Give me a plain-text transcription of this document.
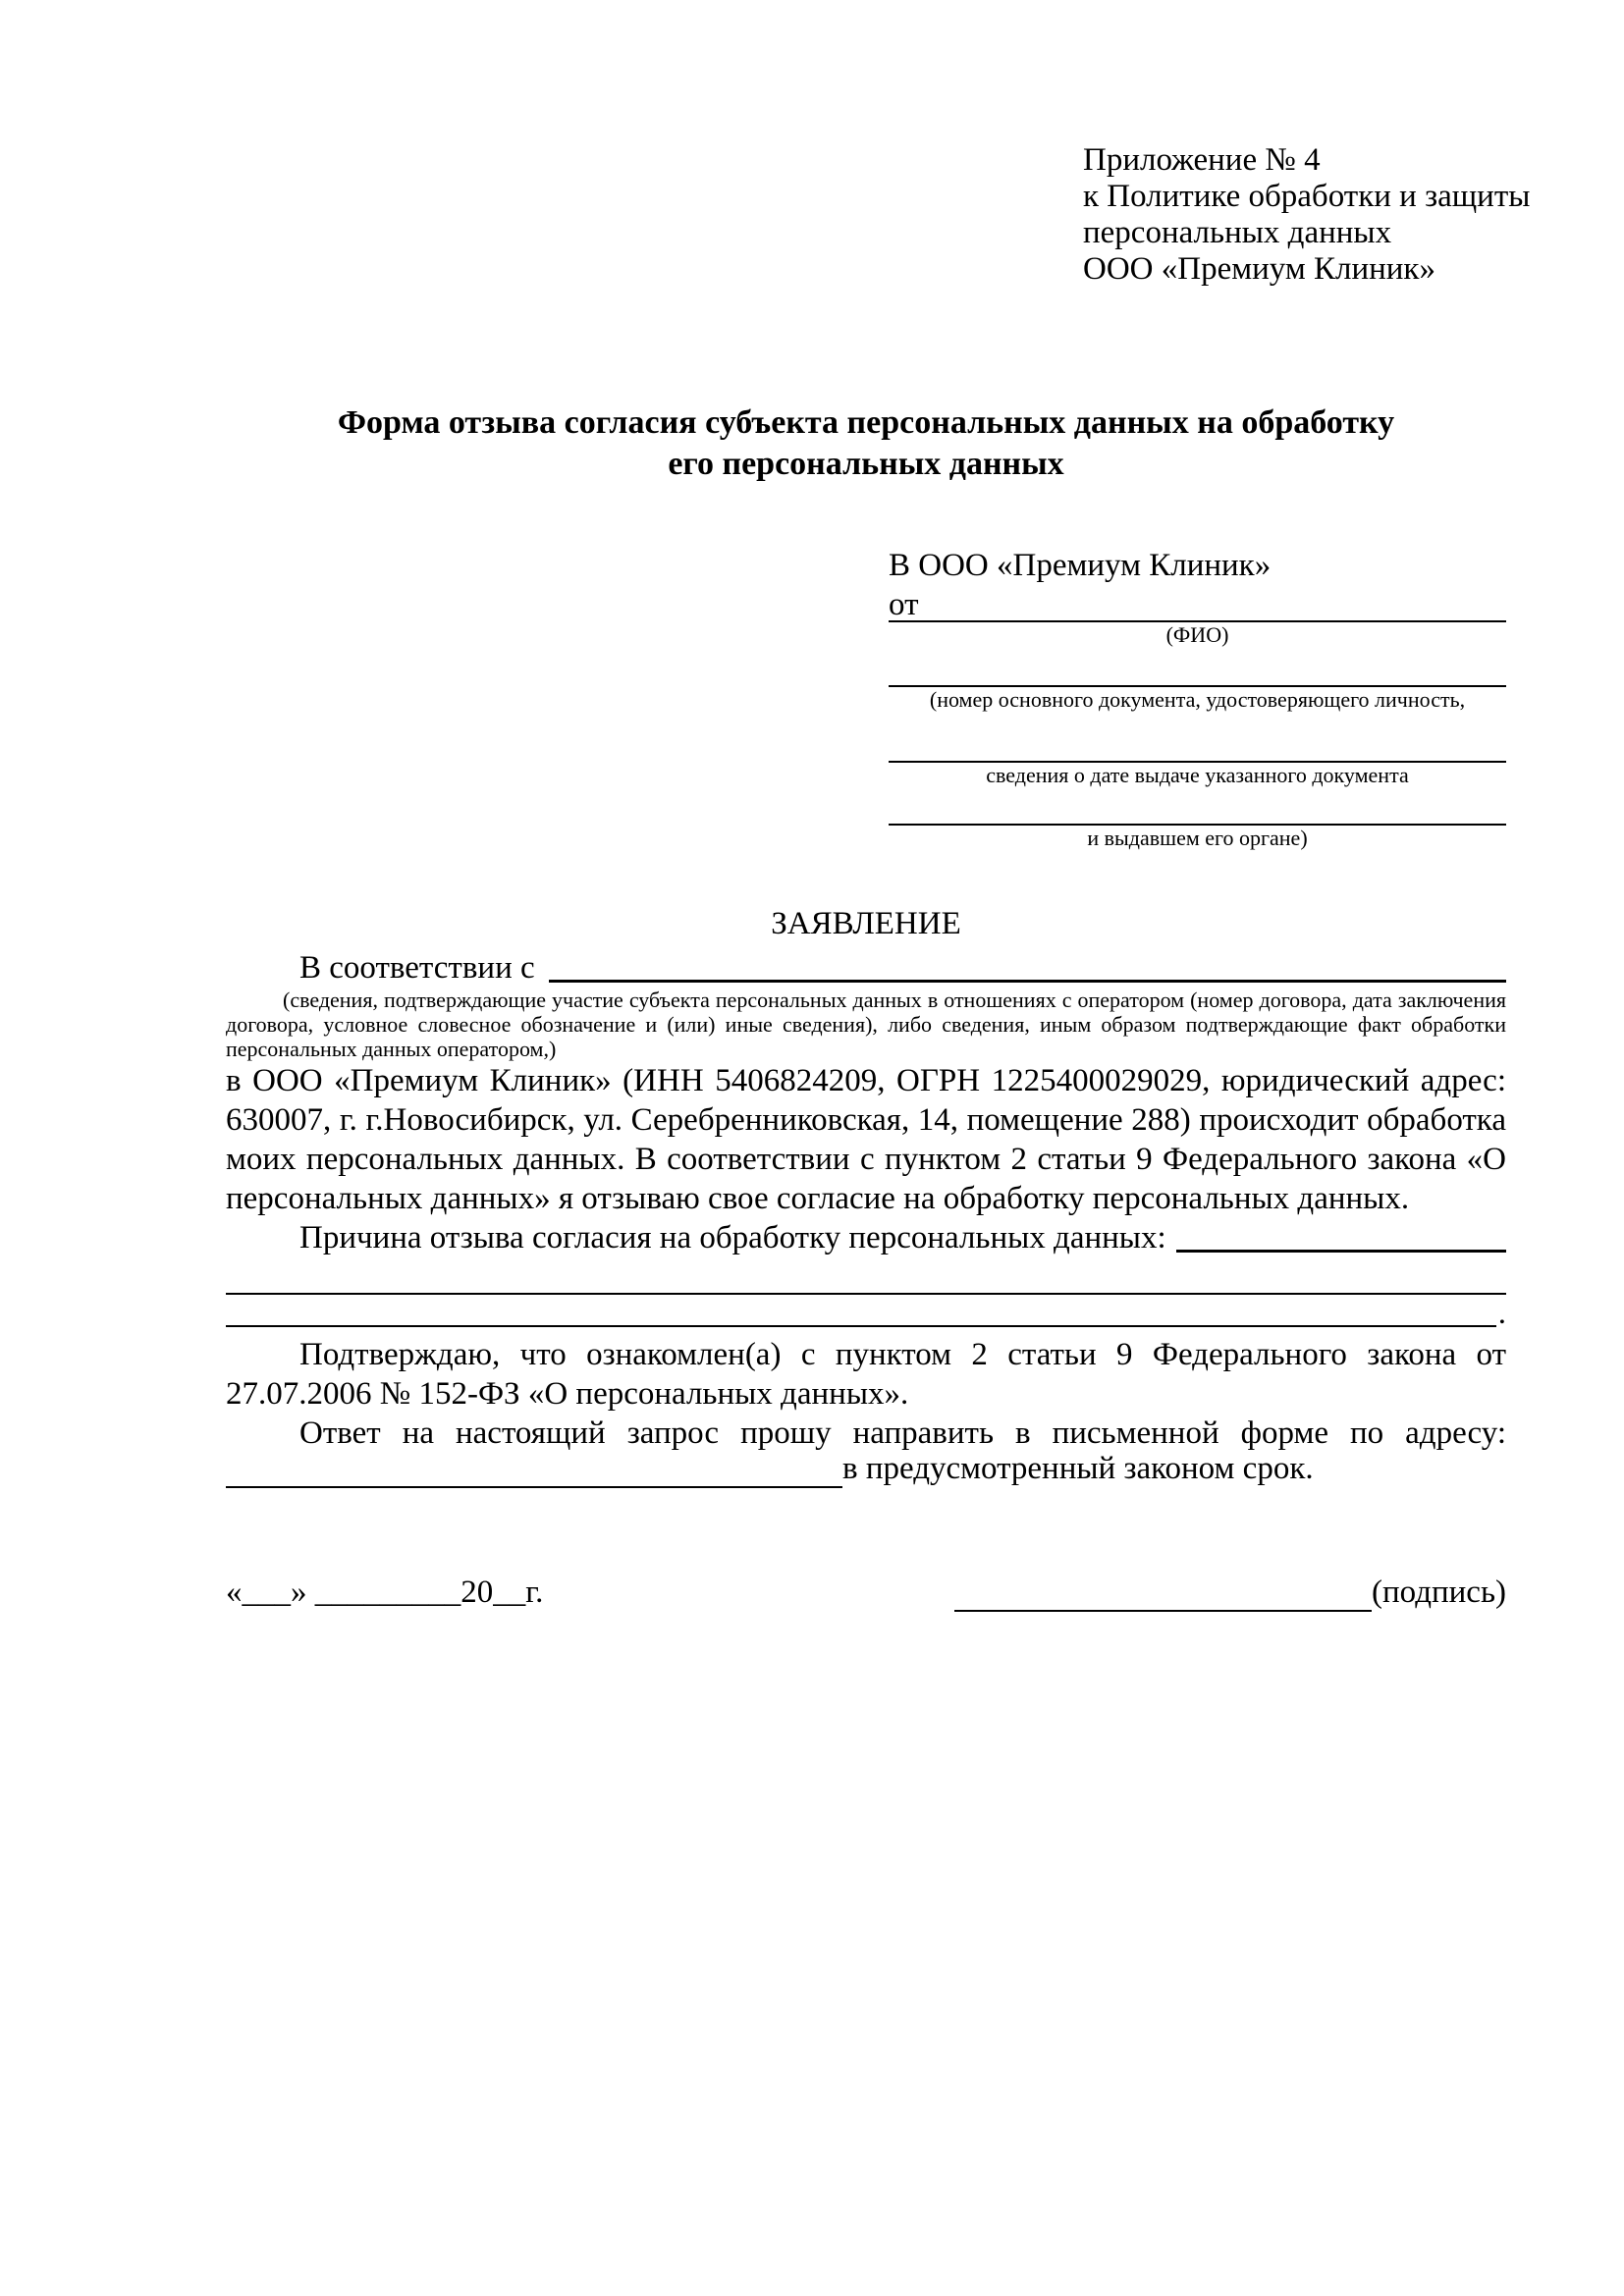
Приложение № 4
к Политике обработки и защиты
персональных данных
ООО «Премиум Клиник»
Форма отзыва согласия субъекта персональных данных на обработку
его персональных данных
В ООО «Премиум Клиник»
от
(ФИО)
(номер основного документа, удостоверяющего личность,
сведения о дате выдаче указанного документа
и выдавшем его органе)
ЗАЯВЛЕНИЕ
В соответствии с
(сведения, подтверждающие участие субъекта персональных данных в отношениях с оператором (номер договора, дата заключения договора, условное словесное обозначение и (или) иные сведения), либо сведения, иным образом подтверждающие факт обработки персональных данных оператором,)
в ООО «Премиум Клиник» (ИНН 5406824209, ОГРН 1225400029029, юридический адрес: 630007, г. г.Новосибирск, ул. Серебренниковская, 14, помещение 288) происходит обработка моих персональных данных. В соответствии с пунктом 2 статьи 9 Федерального закона «О персональных данных» я отзываю свое согласие на обработку персональных данных.
Причина отзыва согласия на обработку персональных данных:
.
Подтверждаю, что ознакомлен(а) с пунктом 2 статьи 9 Федерального закона от 27.07.2006 № 152-ФЗ «О персональных данных».
Ответ на настоящий запрос прошу направить в письменной форме по адресу:
в предусмотренный законом срок.
«___» _________20__г.	(подпись)
